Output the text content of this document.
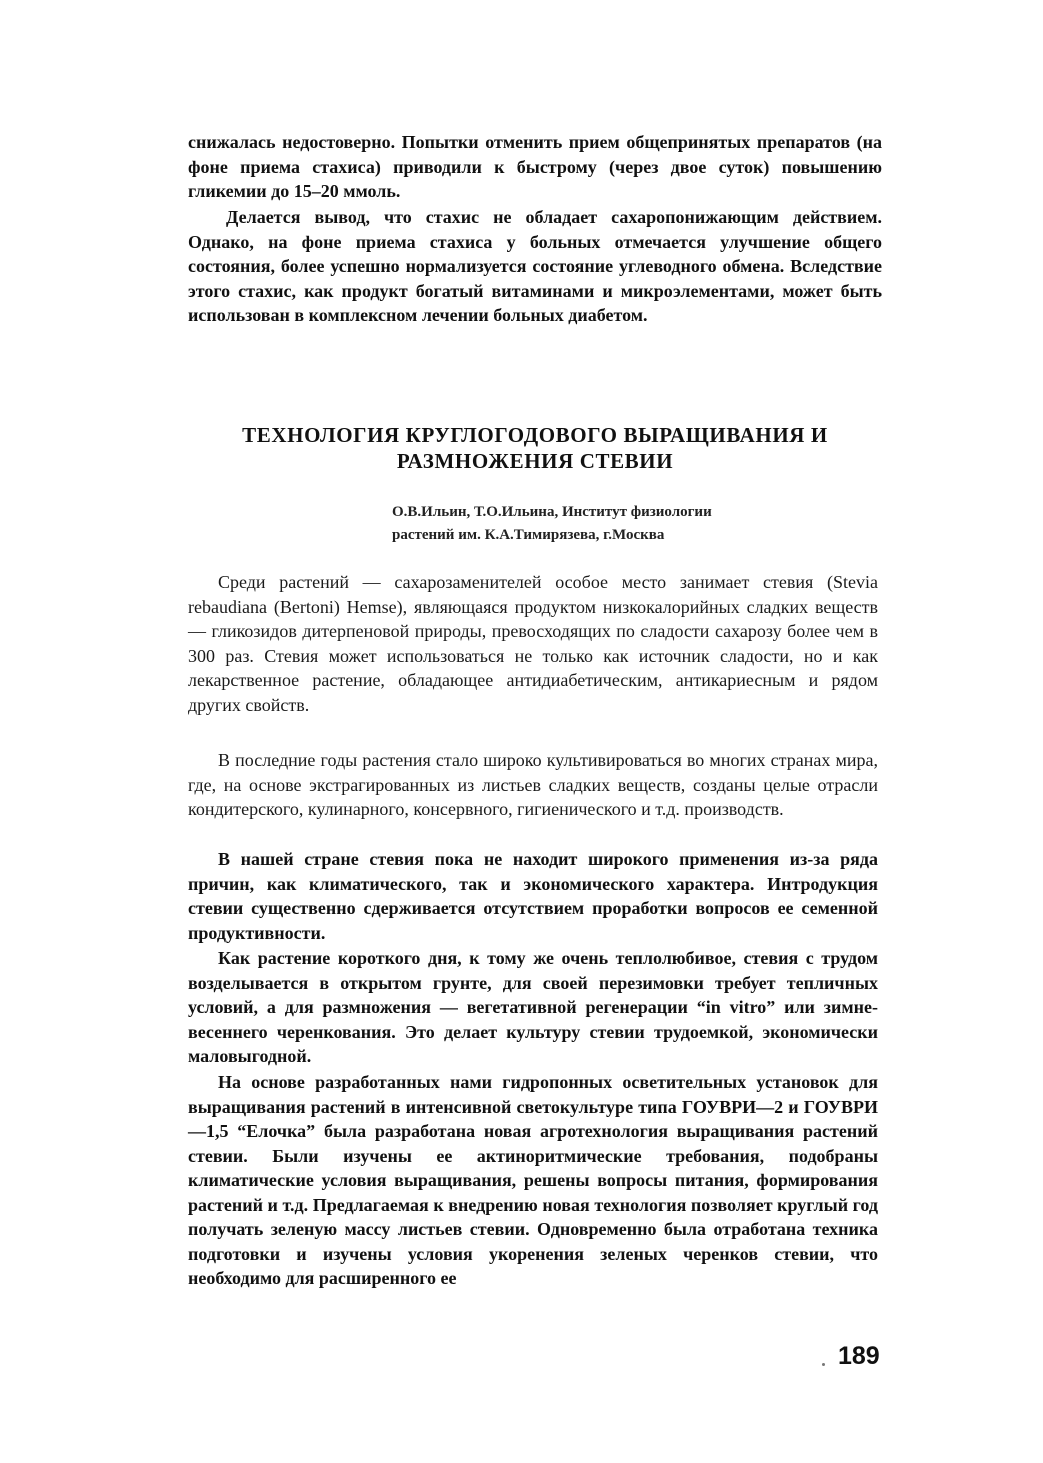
снижалась недостоверно. Попытки отменить прием общепринятых препаратов (на фоне приема стахиса) приводили к быстрому (через двое суток) повышению гликемии до 15–20 ммоль.

Делается вывод, что стахис не обладает сахаропонижающим действием. Однако, на фоне приема стахиса у больных отмечается улучшение общего состояния, более успешно нормализуется состояние углеводного обмена. Вследствие этого стахис, как продукт богатый витаминами и микроэлементами, может быть использован в комплексном лечении больных диабетом.

ТЕХНОЛОГИЯ КРУГЛОГОДОВОГО ВЫРАЩИВАНИЯ И
РАЗМНОЖЕНИЯ СТЕВИИ
О.В.Ильин, Т.О.Ильина, Институт физиологии
растений им. К.А.Тимирязева, г.Москва

Среди растений — сахарозаменителей особое место занимает стевия (Stevia rebaudiana (Bertoni) Hemse), являющаяся продуктом низкокалорийных сладких веществ — гликозидов дитерпеновой природы, превосходящих по сладости сахарозу более чем в 300 раз. Стевия может использоваться не только как источник сладости, но и как лекарственное растение, обладающее антидиабетическим, антикариесным и рядом других свойств.

В последние годы растения стало широко культивироваться во многих странах мира, где, на основе экстрагированных из листьев сладких веществ, созданы целые отрасли кондитерского, кулинарного, консервного, гигиенического и т.д. производств.

В нашей стране стевия пока не находит широкого применения из-за ряда причин, как климатического, так и экономического характера. Интродукция стевии существенно сдерживается отсутствием проработки вопросов ее семенной продуктивности.

Как растение короткого дня, к тому же очень теплолюбивое, стевия с трудом возделывается в открытом грунте, для своей перезимовки требует тепличных условий, а для размножения — вегетативной регенерации “in vitro” или зимне-весеннего черенкования. Это делает культуру стевии трудоемкой, экономически маловыгодной.

На основе разработанных нами гидропонных осветительных установок для выращивания растений в интенсивной светокультуре типа ГОУВРИ—2 и ГОУВРИ—1,5 “Елочка” была разработана новая агротехнология выращивания растений стевии. Были изучены ее актиноритмические требования, подобраны климатические условия выращивания, решены вопросы питания, формирования растений и т.д. Предлагаемая к внедрению новая технология позволяет круглый год получать зеленую массу листьев стевии. Одновременно была отработана техника подготовки и изучены условия укоренения зеленых черенков стевии, что необходимо для расширенного ее

189
